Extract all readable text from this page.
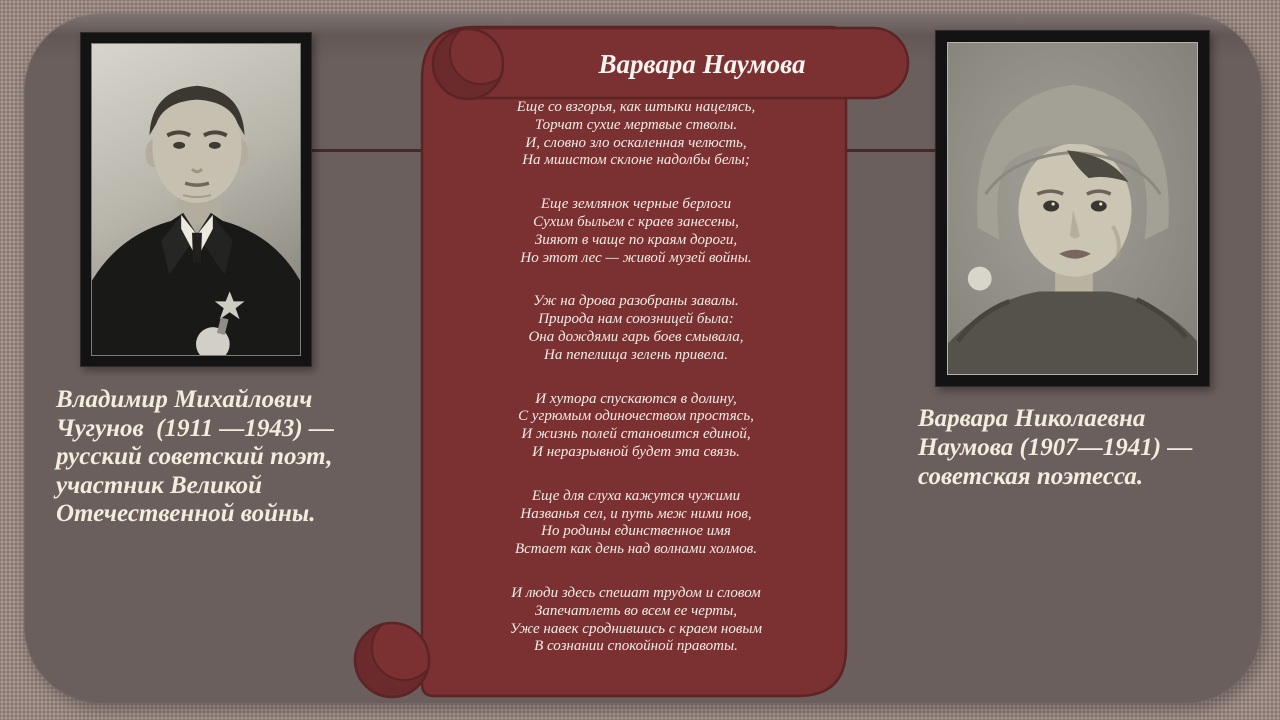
Варвара Наумова
Еще со взгорья, как штыки нацелясь,
Торчат сухие мертвые стволы.
И, словно зло оскаленная челюсть,
На мшистом склоне надолбы белы;
Еще землянок черные берлоги
Сухим быльем с краев занесены,
Зияют в чаще по краям дороги,
Но этот лес — живой музей войны.
Уж на дрова разобраны завалы.
Природа нам союзницей была:
Она дождями гарь боев смывала,
На пепелища зелень привела.
И хутора спускаются в долину,
С угрюмым одиночеством простясь,
И жизнь полей становится единой,
И неразрывной будет эта связь.
Еще для слуха кажутся чужими
Названья сел, и путь меж ними нов,
Но родины единственное имя
Встает как день над волнами холмов.
И люди здесь спешат трудом и словом
Запечатлеть во всем ее черты,
Уже навек сроднившись с краем новым
В сознании спокойной правоты.
Владимир Михайлович
Чугунов  (1911 —1943) —
русский советский поэт,
участник Великой
Отечественной войны.
Варвара Николаевна
Наумова (1907—1941) —
советская поэтесса.
